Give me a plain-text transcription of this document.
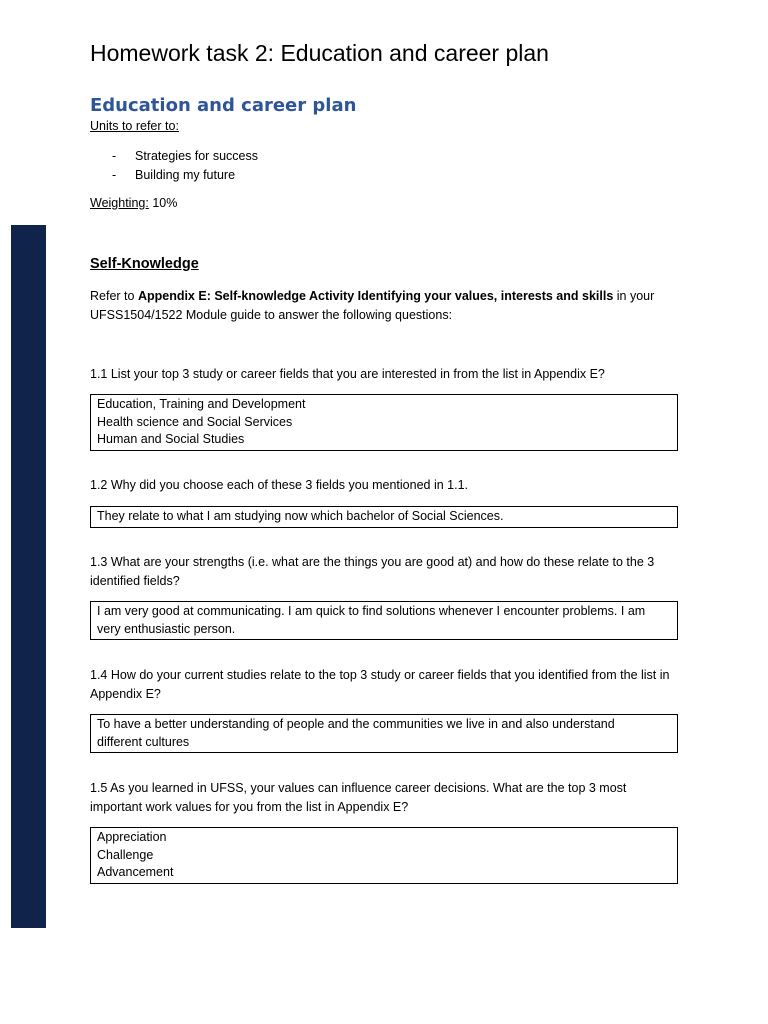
Homework task 2: Education and career plan
Education and career plan
Units to refer to:
- Strategies for success
- Building my future
Weighting: 10%
Self-Knowledge
Refer to Appendix E: Self-knowledge Activity Identifying your values, interests and skills in your UFSS1504/1522 Module guide to answer the following questions:
1.1 List your top 3 study or career fields that you are interested in from the list in Appendix E?
Education, Training and Development
Health science and Social Services
Human and Social Studies
1.2 Why did you choose each of these 3 fields you mentioned in 1.1.
They relate to what I am studying now which bachelor of Social Sciences.
1.3 What are your strengths (i.e. what are the things you are good at) and how do these relate to the 3 identified fields?
I am very good at communicating. I am quick to find solutions whenever I encounter problems. I am
very enthusiastic person.
1.4 How do your current studies relate to the top 3 study or career fields that you identified from the list in Appendix E?
To have a better understanding of people and the communities we live in and also understand
different cultures
1.5 As you learned in UFSS, your values can influence career decisions. What are the top 3 most important work values for you from the list in Appendix E?
Appreciation
Challenge
Advancement
